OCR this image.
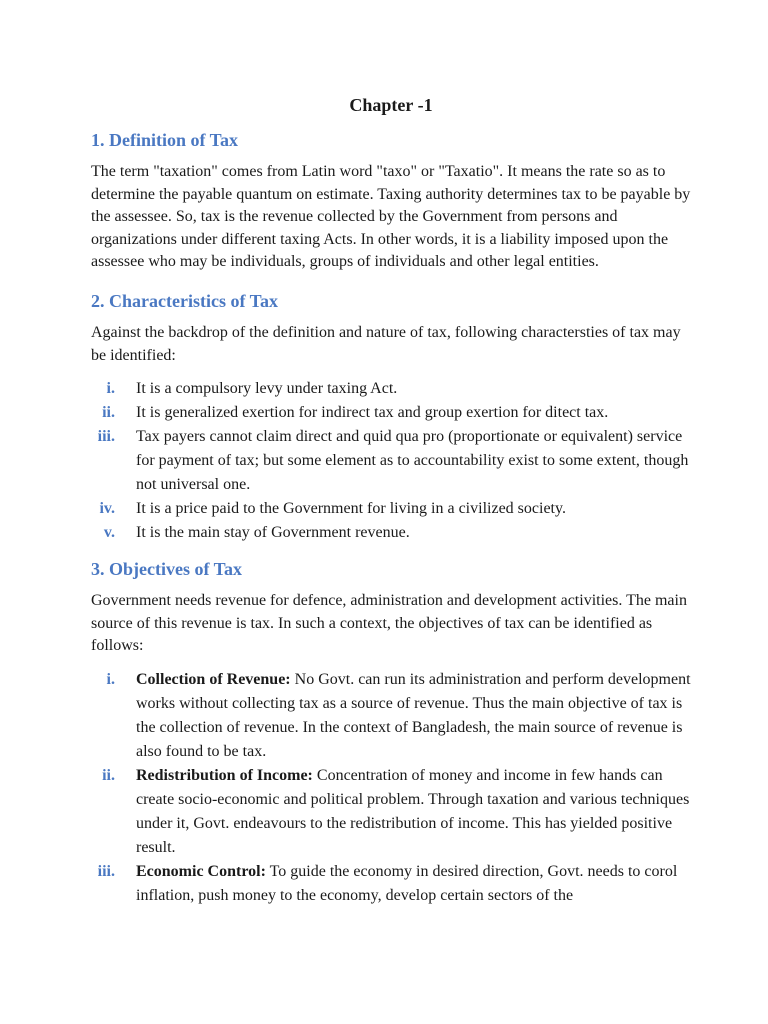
Chapter -1
1. Definition of Tax

The term "taxation" comes from Latin word "taxo" or "Taxatio". It means the rate so as to determine the payable quantum on estimate. Taxing authority determines tax to be payable by the assessee. So, tax is the revenue collected by the Government from persons and organizations under different taxing Acts. In other words, it is a liability imposed upon the assessee who may be individuals, groups of individuals and other legal entities.

2. Characteristics of Tax

Against the backdrop of the definition and nature of tax, following charactersties of tax may be identified:

i. It is a compulsory levy under taxing Act.
ii. It is generalized exertion for indirect tax and group exertion for ditect tax.
iii. Tax payers cannot claim direct and quid qua pro (proportionate or equivalent) service for payment of tax; but some element as to accountability exist to some extent, though not universal one.
iv. It is a price paid to the Government for living in a civilized society.
v. It is the main stay of Government revenue.
3. Objectives of Tax

Government needs revenue for defence, administration and development activities. The main source of this revenue is tax. In such a context, the objectives of tax can be identified as follows:

i. Collection of Revenue: No Govt. can run its administration and perform development works without collecting tax as a source of revenue. Thus the main objective of tax is the collection of revenue. In the context of Bangladesh, the main source of revenue is also found to be tax.
ii. Redistribution of Income: Concentration of money and income in few hands can create socio-economic and political problem. Through taxation and various techniques under it, Govt. endeavours to the redistribution of income. This has yielded positive result.
iii. Economic Control: To guide the economy in desired direction, Govt. needs to corol inflation, push money to the economy, develop certain sectors of the
